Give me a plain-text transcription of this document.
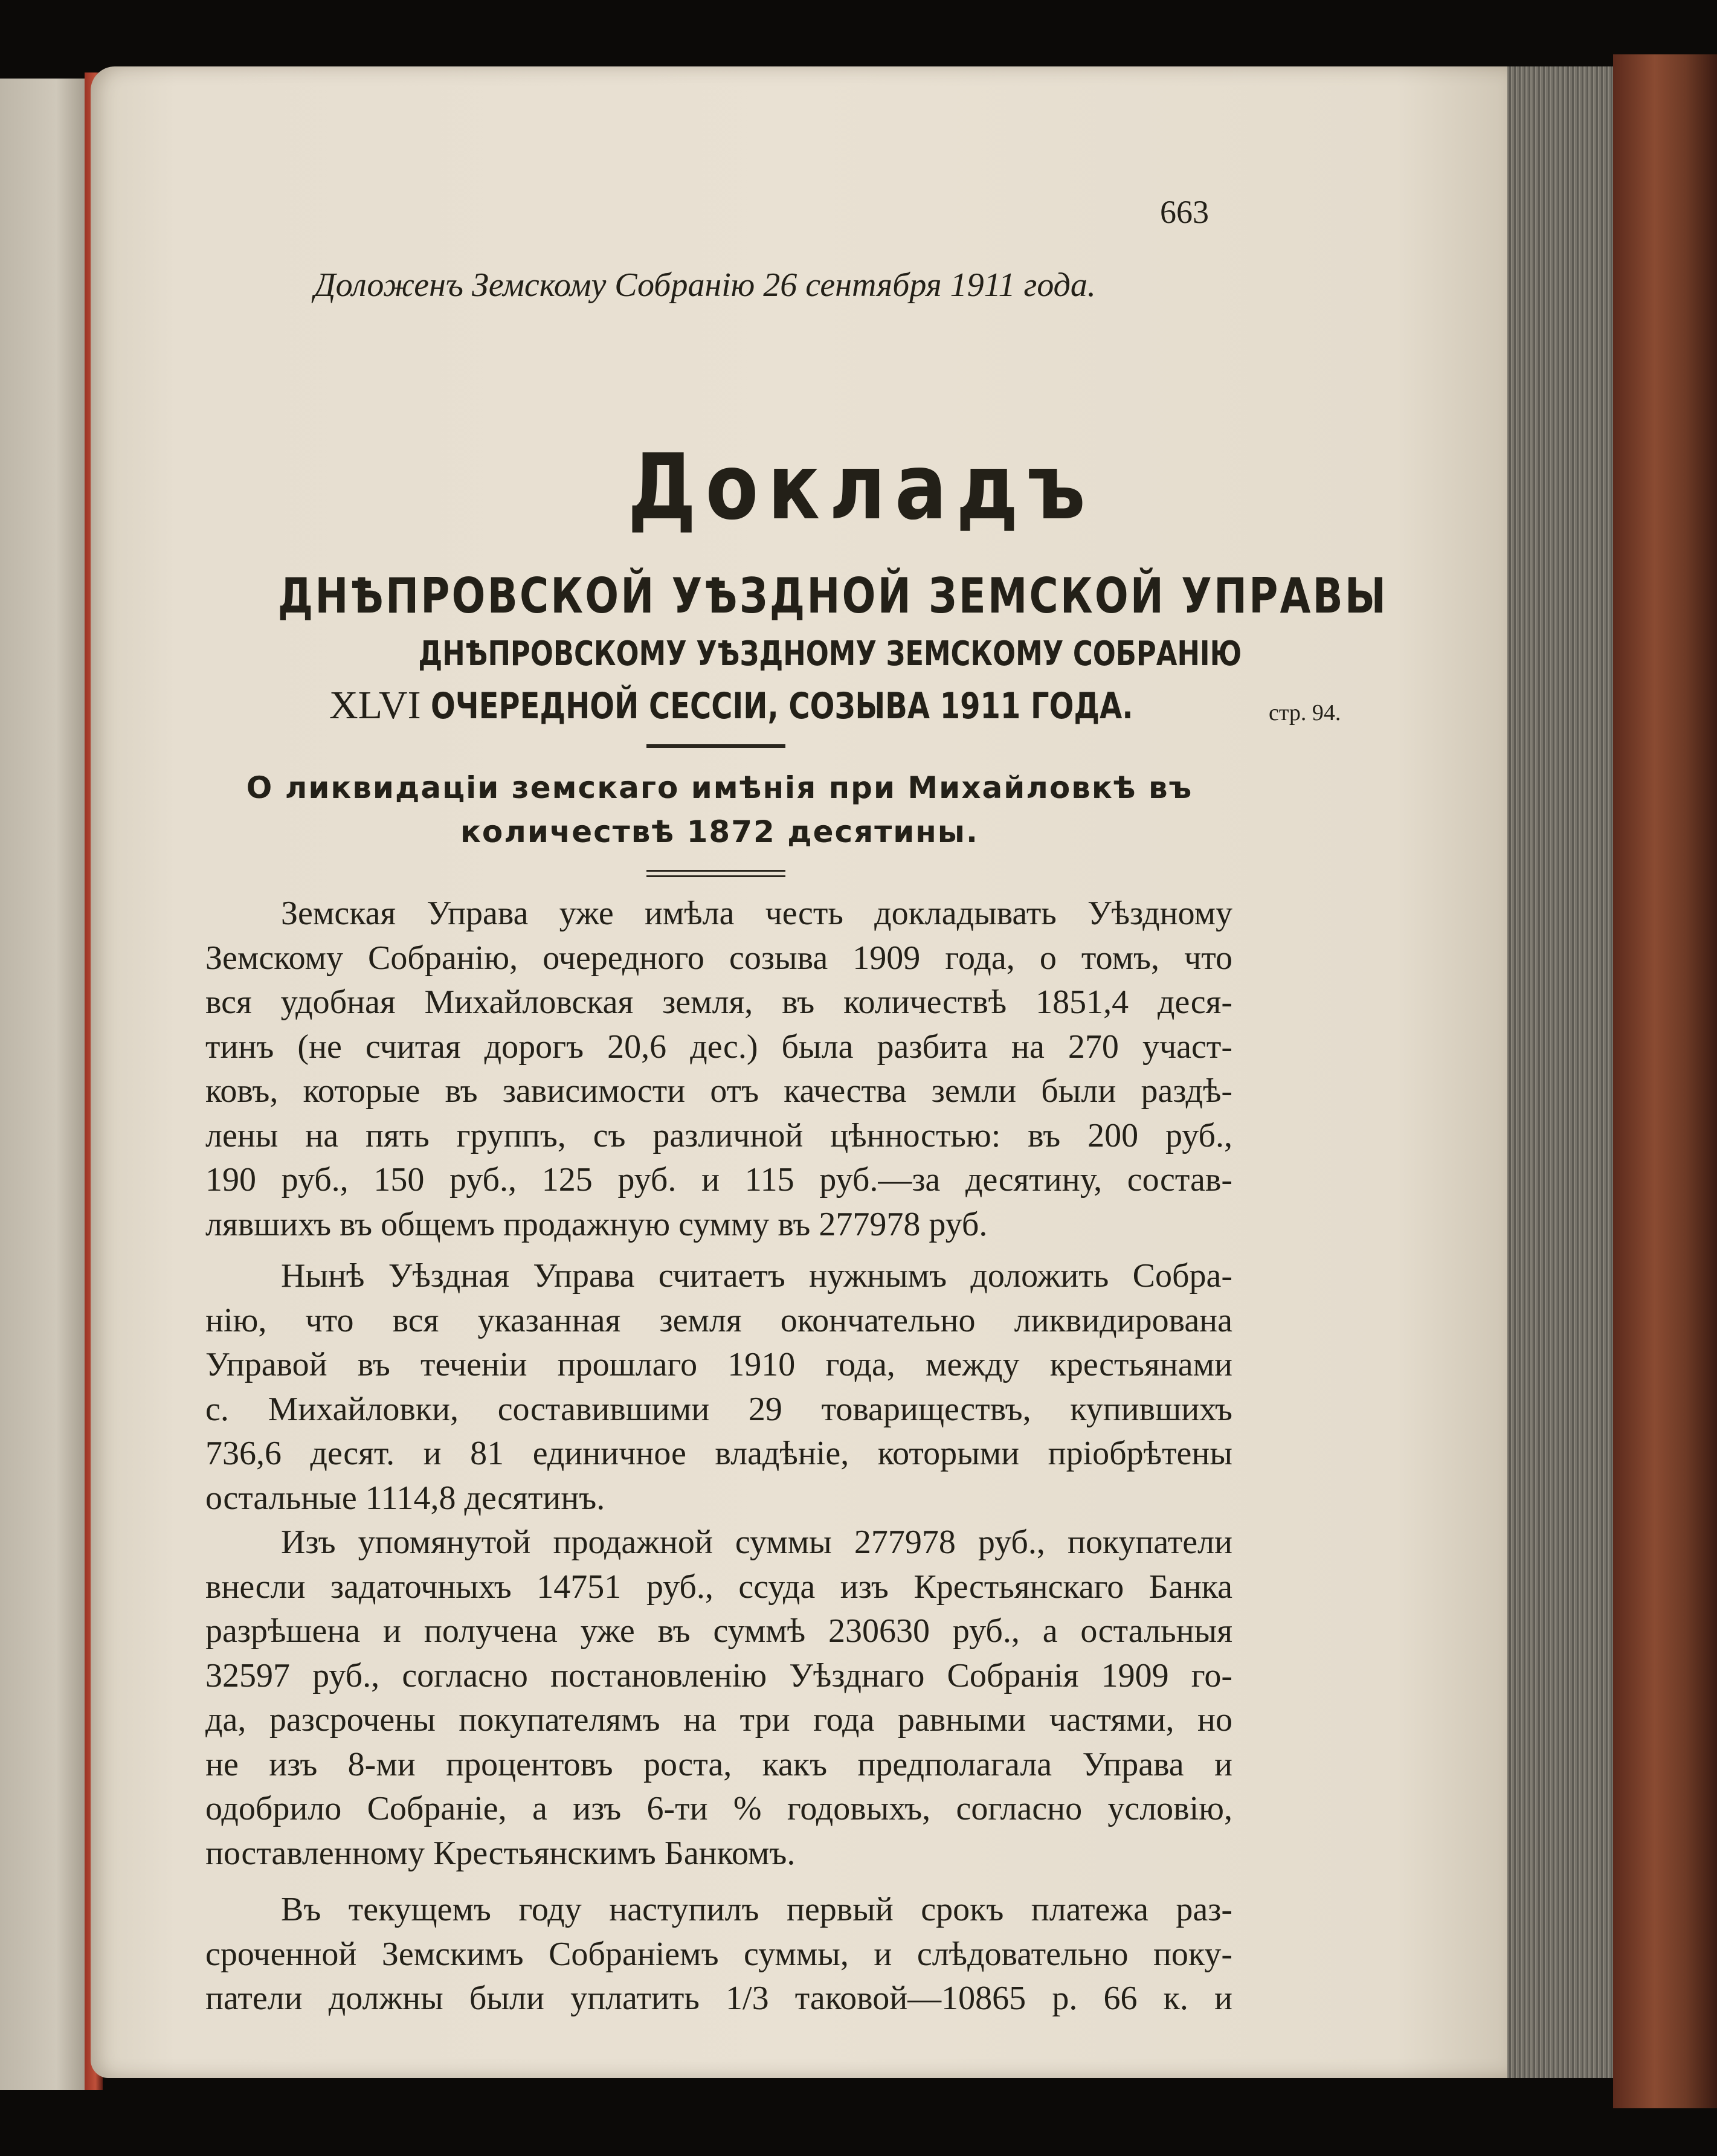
663
Доложенъ Земскому Собранію 26 сентября 1911 года.
Докладъ
ДНѢПРОВСКОЙ УѢЗДНОЙ ЗЕМСКОЙ УПРАВЫ
ДНѢПРОВСКОМУ УѢЗДНОМУ ЗЕМСКОМУ СОБРАНІЮ
XLVI ОЧЕРЕДНОЙ СЕССІИ, СОЗЫВА 1911 ГОДА.	стр. 94.
О ликвидаціи земскаго имѣнія при Михайловкѣ въ
количествѣ 1872 десятины.
Земская Управа уже имѣла честь докладывать Уѣздному
Земскому Собранію, очередного созыва 1909 года, о томъ, что
вся удобная Михайловская земля, въ количествѣ 1851,4 деся-
тинъ (не считая дорогъ 20,6 дес.) была разбита на 270 участ-
ковъ, которые въ зависимости отъ качества земли были раздѣ-
лены на пять группъ, съ различной цѣнностью: въ 200 руб.,
190 руб., 150 руб., 125 руб. и 115 руб.—за десятину, состав-
лявшихъ въ общемъ продажную сумму въ 277978 руб.
Нынѣ Уѣздная Управа считаетъ нужнымъ доложить Собра-
нію, что вся указанная земля окончательно ликвидирована
Управой въ теченіи прошлаго 1910 года, между крестьянами
с. Михайловки, составившими 29 товариществъ, купившихъ
736,6 десят. и 81 единичное владѣніе, которыми пріобрѣтены
остальные 1114,8 десятинъ.
Изъ упомянутой продажной суммы 277978 руб., покупатели
внесли задаточныхъ 14751 руб., ссуда изъ Крестьянскаго Банка
разрѣшена и получена уже въ суммѣ 230630 руб., а остальныя
32597 руб., согласно постановленію Уѣзднаго Собранія 1909 го-
да, разсрочены покупателямъ на три года равными частями, но
не изъ 8-ми процентовъ роста, какъ предполагала Управа и
одобрило Собраніе, а изъ 6-ти % годовыхъ, согласно условію,
поставленному Крестьянскимъ Банкомъ.
Въ текущемъ году наступилъ первый срокъ платежа раз-
сроченной Земскимъ Собраніемъ суммы, и слѣдовательно поку-
патели должны были уплатить 1/3 таковой—10865 р. 66 к. и
